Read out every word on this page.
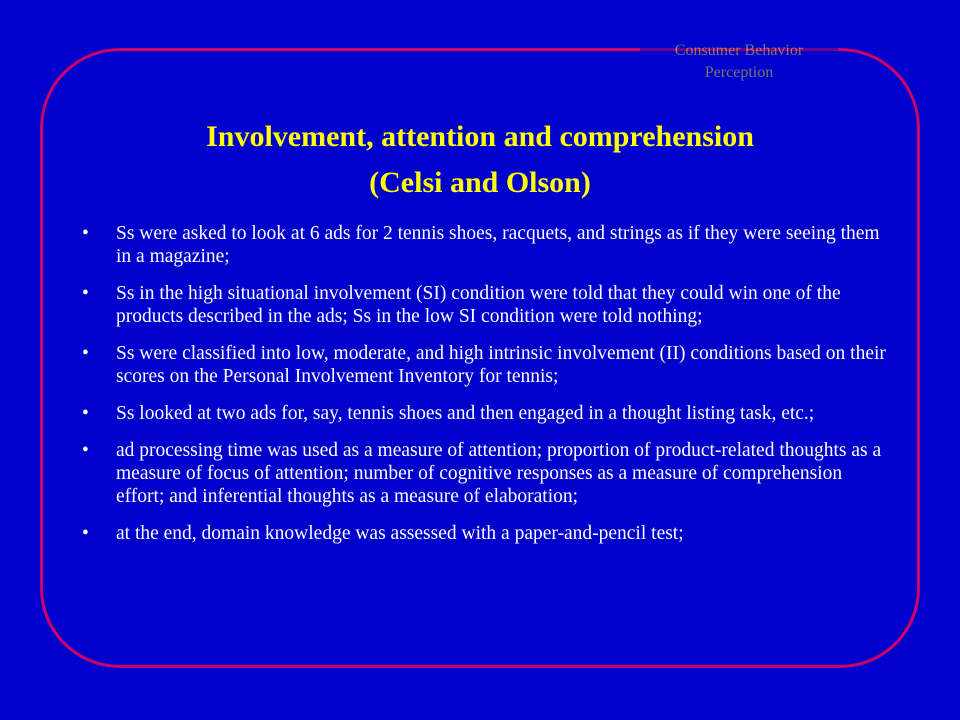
Consumer Behavior
Perception
Involvement, attention and comprehension
(Celsi and Olson)
• Ss were asked to look at 6 ads for 2 tennis shoes, racquets, and strings as if they were seeing them in a magazine;
• Ss in the high situational involvement (SI) condition were told that they could win one of the products described in the ads; Ss in the low SI condition were told nothing;
• Ss were classified into low, moderate, and high intrinsic involvement (II) conditions based on their scores on the Personal Involvement Inventory for tennis;
• Ss looked at two ads for, say, tennis shoes and then engaged in a thought listing task, etc.;
• ad processing time was used as a measure of attention; proportion of product-related thoughts as a measure of focus of attention; number of cognitive responses as a measure of comprehension effort; and inferential thoughts as a measure of elaboration;
• at the end, domain knowledge was assessed with a paper-and-pencil test;
